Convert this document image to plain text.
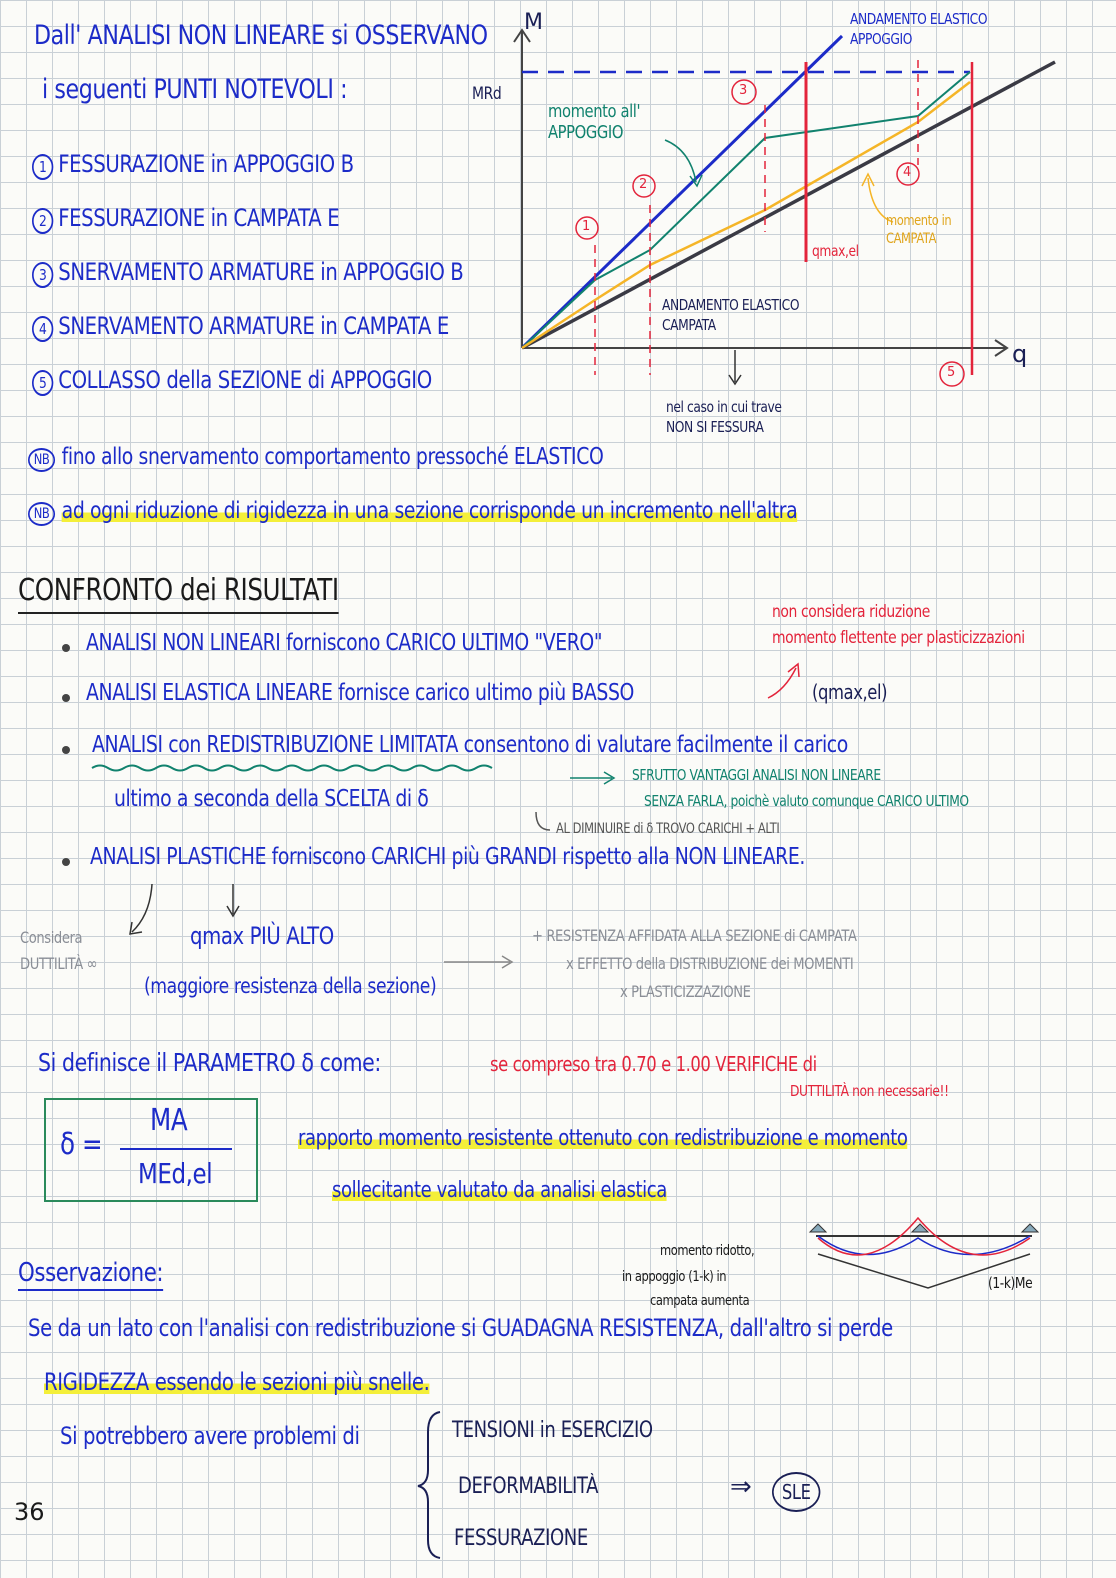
Dall' ANALISI NON LINEARE si OSSERVANO
i seguenti PUNTI NOTEVOLI :
1 FESSURAZIONE in APPOGGIO B
2 FESSURAZIONE in CAMPATA E
3 SNERVAMENTO ARMATURE in APPOGGIO B
4 SNERVAMENTO ARMATURE in CAMPATA E
5 COLLASSO della SEZIONE di APPOGGIO
M
q
MRd
ANDAMENTO ELASTICO APPOGGIO
momento all' APPOGGIO
ANDAMENTO ELASTICO CAMPATA
momento in CAMPATA
qmax,el
nel caso in cui trave NON SI FESSURA
1
2
3
4
5
NB fino allo snervamento comportamento pressoché ELASTICO
NB ad ogni riduzione di rigidezza in una sezione corrisponde un incremento nell'altra
CONFRONTO dei RISULTATI
ANALISI NON LINEARI forniscono CARICO ULTIMO "VERO"
ANALISI ELASTICA LINEARE fornisce carico ultimo più BASSO	(qmax,el)
non considera riduzione
momento flettente per plasticizzazioni
ANALISI con REDISTRIBUZIONE LIMITATA consentono di valutare facilmente il carico
ultimo a seconda della SCELTA di δ
SFRUTTO VANTAGGI ANALISI NON LINEARE
SENZA FARLA, poichè valuto comunque CARICO ULTIMO
AL DIMINUIRE di δ TROVO CARICHI + ALTI
ANALISI PLASTICHE forniscono CARICHI più GRANDI rispetto alla NON LINEARE.
Considera
DUTTILITÀ ∞
qmax PIÙ ALTO
(maggiore resistenza della sezione)
+ RESISTENZA AFFIDATA ALLA SEZIONE di CAMPATA
x EFFETTO della DISTRIBUZIONE dei MOMENTI
x PLASTICIZZAZIONE
Si definisce il PARAMETRO δ come:	se compreso tra 0.70 e 1.00 VERIFICHE di
DUTTILITÀ non necessarie!!
δ =
MA
MEd,el
rapporto momento resistente ottenuto con redistribuzione e momento
sollecitante valutato da analisi elastica
Osservazione:
momento ridotto,
in appoggio (1-k) in
campata aumenta
(1-k)Me
Se da un lato con l'analisi con redistribuzione si GUADAGNA RESISTENZA, dall'altro si perde
RIGIDEZZA essendo le sezioni più snelle.
Si potrebbero avere problemi di	TENSIONI in ESERCIZIO
DEFORMABILITÀ
FESSURAZIONE
⇒	SLE
36
